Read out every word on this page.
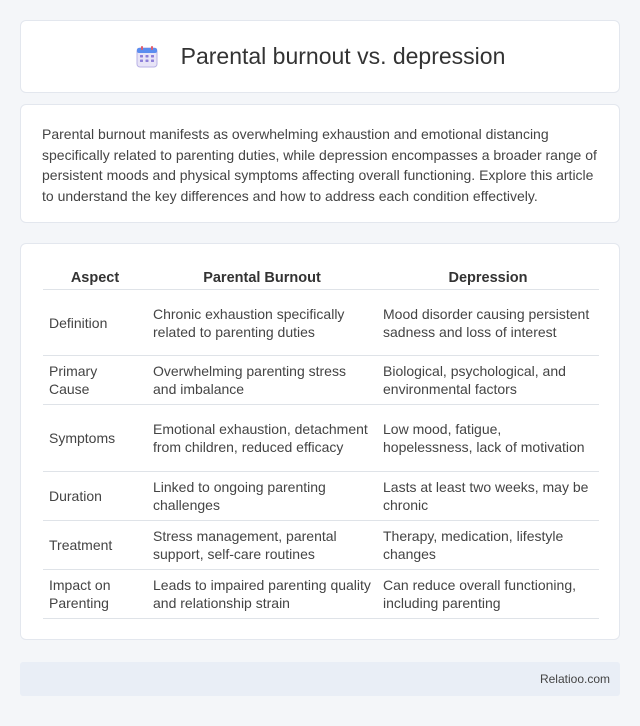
Parental burnout vs. depression

Parental burnout manifests as overwhelming exhaustion and emotional distancing specifically related to parenting duties, while depression encompasses a broader range of persistent moods and physical symptoms affecting overall functioning. Explore this article to understand the key differences and how to address each condition effectively.

Aspect	Parental Burnout	Depression
Definition	Chronic exhaustion specifically related to parenting duties	Mood disorder causing persistent sadness and loss of interest
Primary Cause	Overwhelming parenting stress and imbalance	Biological, psychological, and environmental factors
Symptoms	Emotional exhaustion, detachment from children, reduced efficacy	Low mood, fatigue, hopelessness, lack of motivation
Duration	Linked to ongoing parenting challenges	Lasts at least two weeks, may be chronic
Treatment	Stress management, parental support, self-care routines	Therapy, medication, lifestyle changes
Impact on Parenting	Leads to impaired parenting quality and relationship strain	Can reduce overall functioning, including parenting
Relatioo.com
